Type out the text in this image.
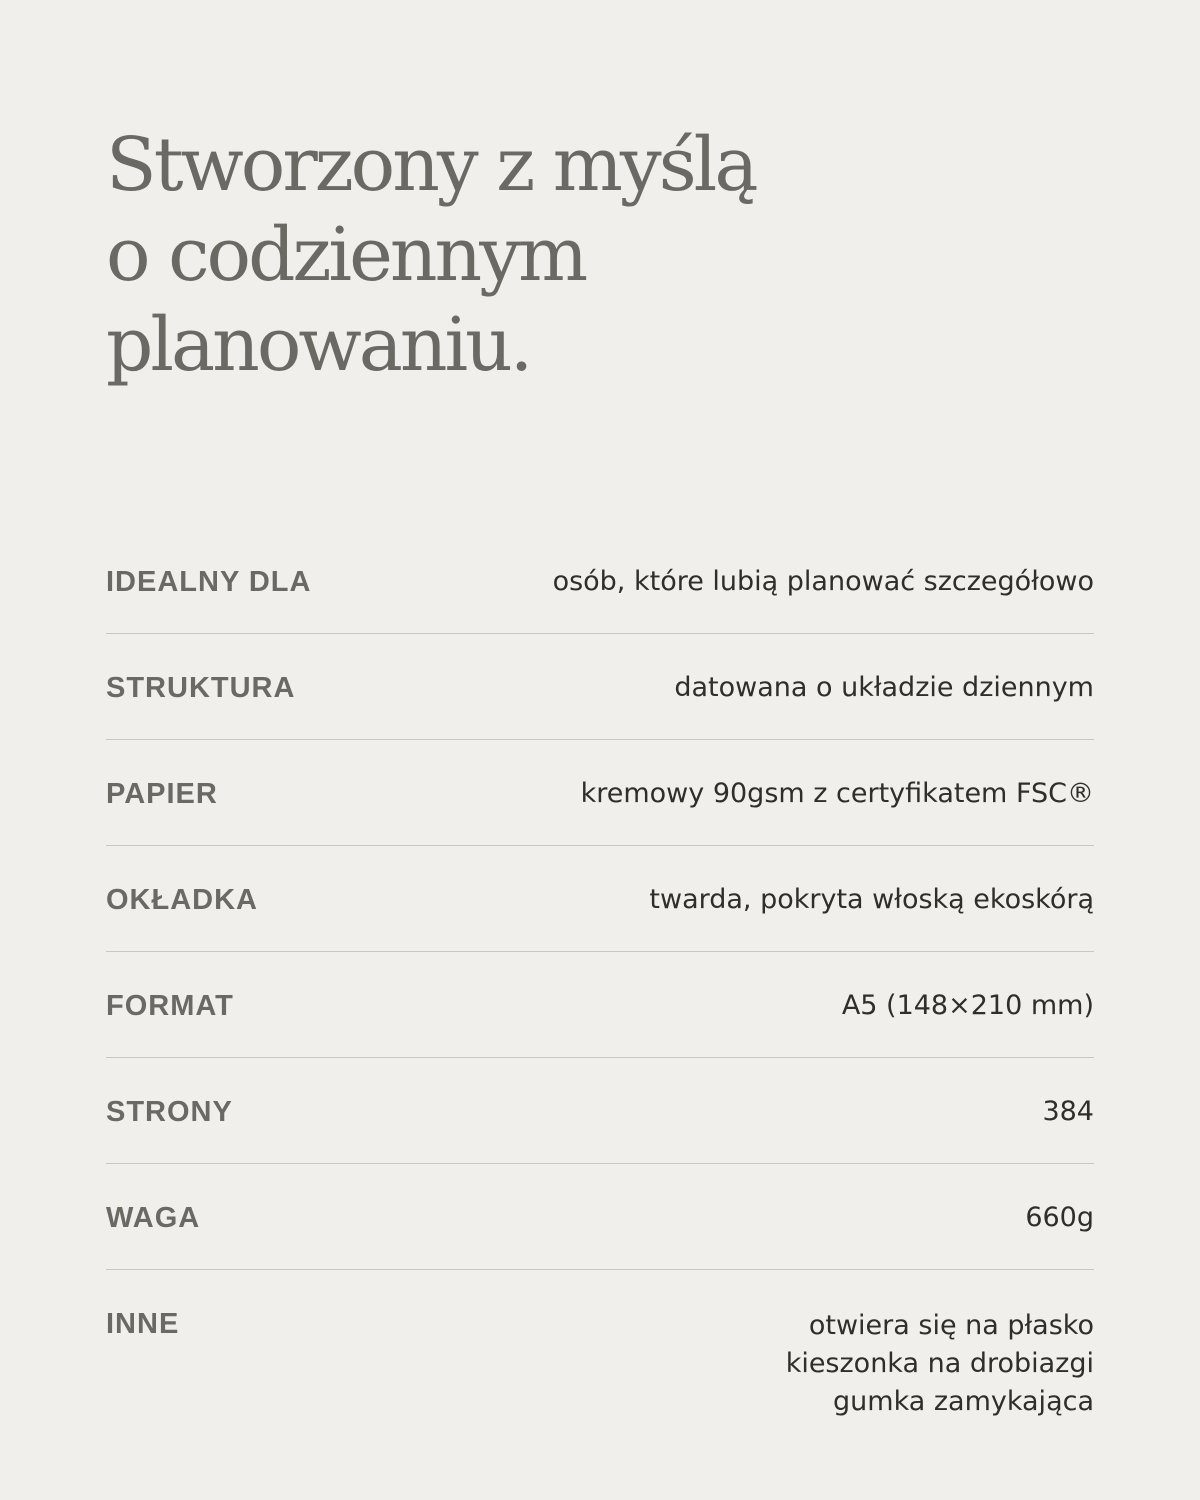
Stworzony z myślą
o codziennym
planowaniu.
IDEALNY DLA	osób, które lubią planować szczegółowo
STRUKTURA	datowana o układzie dziennym
PAPIER	kremowy 90gsm z certyfikatem FSC®
OKŁADKA	twarda, pokryta włoską ekoskórą
FORMAT	A5 (148×210 mm)
STRONY	384
WAGA	660g
INNE	otwiera się na płasko
kieszonka na drobiazgi
gumka zamykająca
